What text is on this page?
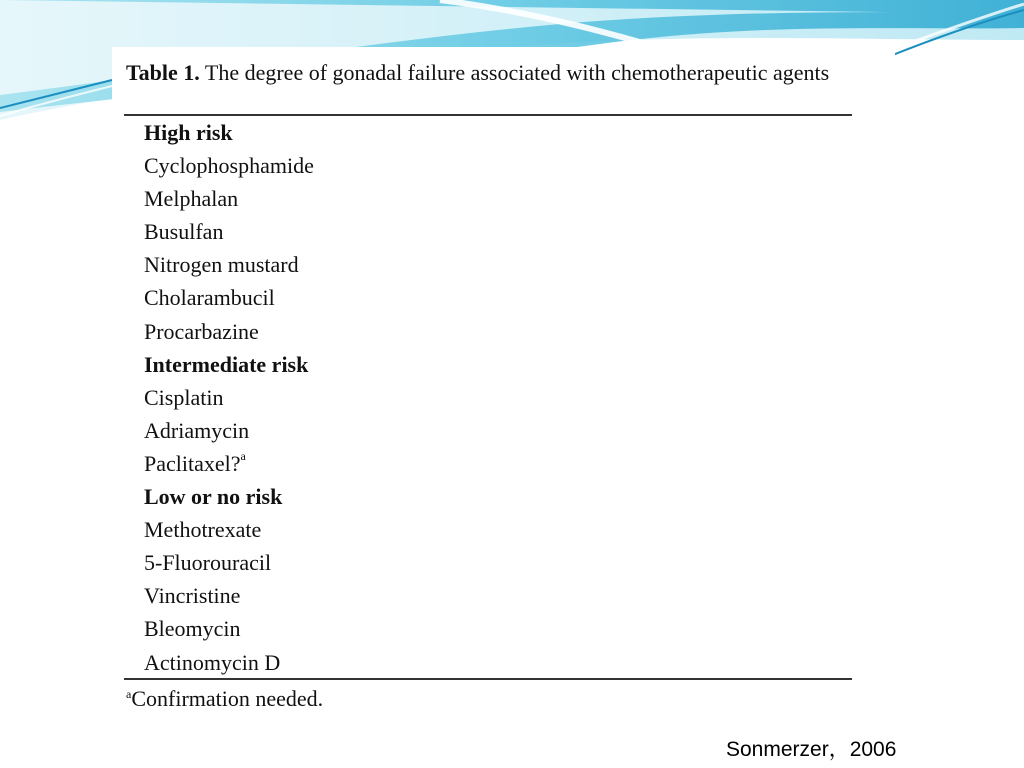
Table 1. The degree of gonadal failure associated with chemotherapeutic agents
High risk
Cyclophosphamide
Melphalan
Busulfan
Nitrogen mustard
Cholarambucil
Procarbazine
Intermediate risk
Cisplatin
Adriamycin
Paclitaxel?$^a$
Low or no risk
Methotrexate
5-Fluorouracil
Vincristine
Bleomycin
Actinomycin D
$^a$Confirmation needed.
Sonmerzer，2006
